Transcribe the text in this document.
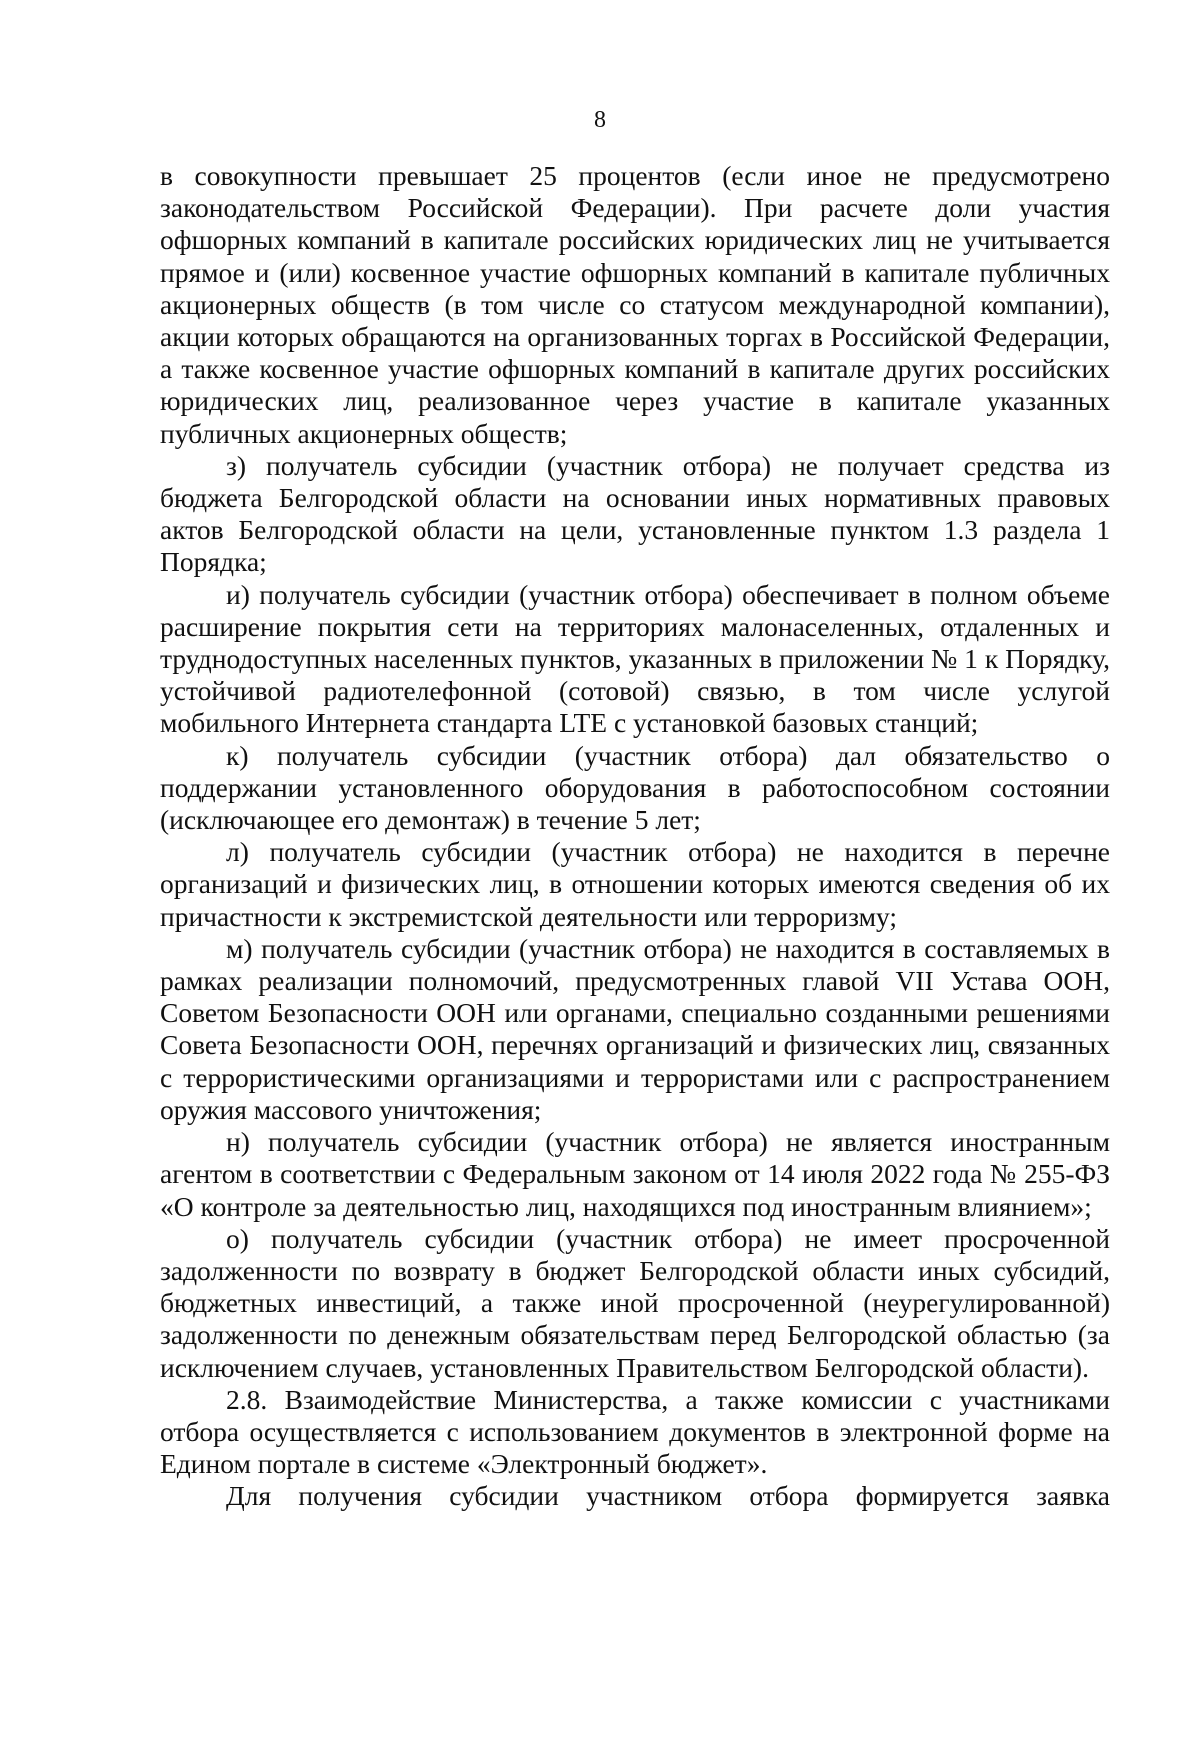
8

в совокупности превышает 25 процентов (если иное не предусмотрено законодательством Российской Федерации). При расчете доли участия офшорных компаний в капитале российских юридических лиц не учитывается прямое и (или) косвенное участие офшорных компаний в капитале публичных акционерных обществ (в том числе со статусом международной компании), акции которых обращаются на организованных торгах в Российской Федерации, а также косвенное участие офшорных компаний в капитале других российских юридических лиц, реализованное через участие в капитале указанных публичных акционерных обществ;

з) получатель субсидии (участник отбора) не получает средства из бюджета Белгородской области на основании иных нормативных правовых актов Белгородской области на цели, установленные пунктом 1.3 раздела 1 Порядка;

и) получатель субсидии (участник отбора) обеспечивает в полном объеме расширение покрытия сети на территориях малонаселенных, отдаленных и труднодоступных населенных пунктов, указанных в приложении № 1 к Порядку, устойчивой радиотелефонной (сотовой) связью, в том числе услугой мобильного Интернета стандарта LTE с установкой базовых станций;

к) получатель субсидии (участник отбора) дал обязательство о поддержании установленного оборудования в работоспособном состоянии (исключающее его демонтаж) в течение 5 лет;

л) получатель субсидии (участник отбора) не находится в перечне организаций и физических лиц, в отношении которых имеются сведения об их причастности к экстремистской деятельности или терроризму;

м) получатель субсидии (участник отбора) не находится в составляемых в рамках реализации полномочий, предусмотренных главой VII Устава ООН, Советом Безопасности ООН или органами, специально созданными решениями Совета Безопасности ООН, перечнях организаций и физических лиц, связанных с террористическими организациями и террористами или с распространением оружия массового уничтожения;

н) получатель субсидии (участник отбора) не является иностранным агентом в соответствии с Федеральным законом от 14 июля 2022 года № 255-ФЗ «О контроле за деятельностью лиц, находящихся под иностранным влиянием»;

о) получатель субсидии (участник отбора) не имеет просроченной задолженности по возврату в бюджет Белгородской области иных субсидий, бюджетных инвестиций, а также иной просроченной (неурегулированной) задолженности по денежным обязательствам перед Белгородской областью (за исключением случаев, установленных Правительством Белгородской области).

2.8. Взаимодействие Министерства, а также комиссии с участниками отбора осуществляется с использованием документов в электронной форме на Едином портале в системе «Электронный бюджет».

Для получения субсидии участником отбора формируется заявка
